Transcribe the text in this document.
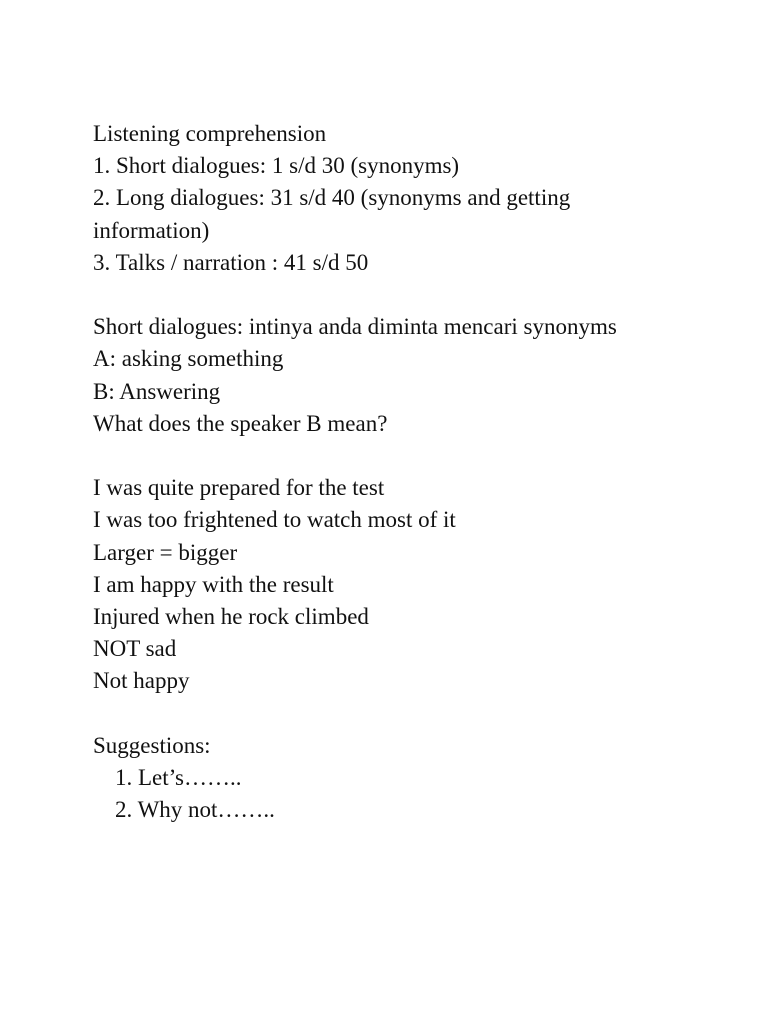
Listening comprehension
1. Short dialogues: 1 s/d 30 (synonyms)
2. Long dialogues: 31 s/d 40 (synonyms and getting information)
3. Talks / narration : 41 s/d 50
Short dialogues: intinya anda diminta mencari synonyms
A: asking something
B: Answering
What does the speaker B mean?
I was quite prepared for the test
I was too frightened to watch most of it
Larger = bigger
I am happy with the result
Injured when he rock climbed
NOT sad
Not happy
Suggestions:
1. Let’s……..
2. Why not……..
